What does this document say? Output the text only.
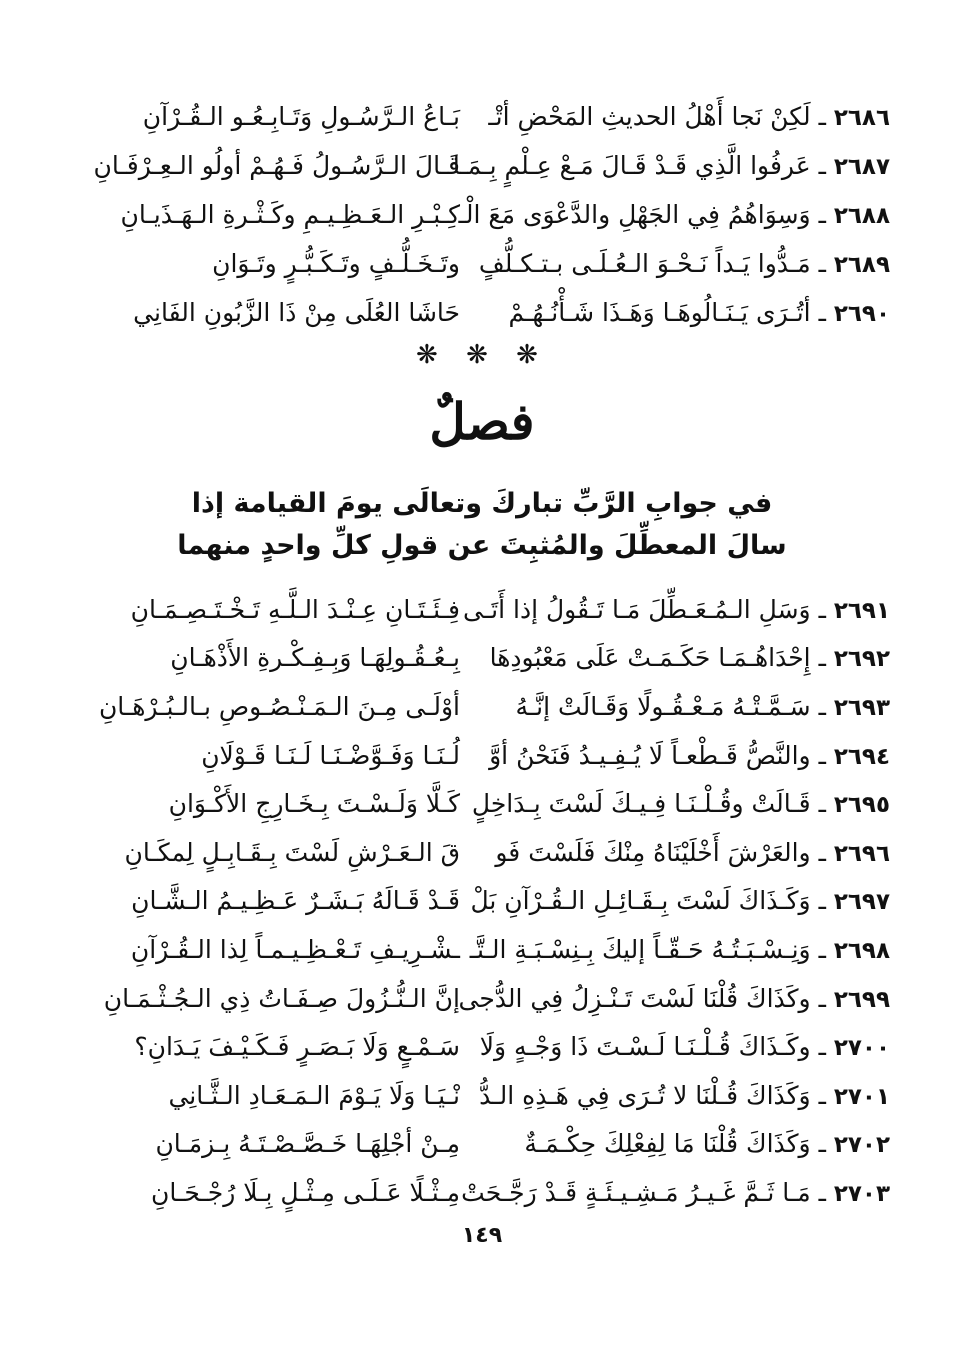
٢٦٨٦ ـ لَكِنْ نَجا أَهْلُ الحديثِ المَحْضِ أتْـ
بَـاعُ الـرَّسُـولِ وَتَـابِـعُـو الـقُـرْآنِ
٢٦٨٧ ـ عَرفُوا الَّذِي قَـدْ قَـالَ مَـعْ عِـلْمٍ بِـمَـا
قَـالَ الـرَّسُـولُ فَـهُـمْ أولُو الـعِـرْفَـانِ
٢٦٨٨ ـ وَسِوَاهُمُ فِي الجَهْلِ والدَّعْوَى مَعَ الْـ
كِـبْـرِ الـعَـظِـيـمِ وكَـثْـرةِ الـهَـذَيـانِ
٢٦٨٩ ـ مَـدُّوا يَـداً نَـحْـوَ الـعُـلَـى بـتـكـلُّفٍ
وتَـخَـلُّـفٍ وتَـكَـبُّـرٍ وتَـوَانِ
٢٦٩٠ ـ أتُـرَى يَـنَـالُوهَـا وَهَـذَا شَـأْنُـهُـمْ
حَاشَا العُلَى مِنْ ذَا الزَّبُونِ الفَانِي
❋ ❋ ❋
فصلٌ
في جوابِ الرَّبِّ تباركَ وتعالَى يومَ القيامة إذا
سالَ المعطِّلَ والمُثبِتَ عن قولِ كلِّ واحدٍ منهما
٢٦٩١ ـ وَسَلِ الـمُـعَـطِّلَ مَـا تَـقُولُ إذا أَتَـى
فِـئَـتَـانِ عِـنْـدَ الـلَّـهِ تَـخْـتَـصِـمَـانِ
٢٦٩٢ ـ إِحْدَاهُـمَـا حَكَـمَـتْ عَلَى مَعْبُودِهَا
بِـعُـقُـولِهَـا وَبِـفِـكْـرةِ الأَذْهَـانِ
٢٦٩٣ ـ سَـمَّـتْـهُ مَـعْـقُـولًا وَقَـالَتْ إنَّـهُ
أوْلَـى مِـنَ الـمَـنْـصُـوصِ بـالـبُـرْهَـانِ
٢٦٩٤ ـ والنَّصُّ قَـطْعـاً لَا يُـفِـيـدُ فَنَحْنُ أوَّ
لُـنَـا وَفَـوَّضْـنَـا لَـنَـا قَـوْلَانِ
٢٦٩٥ ـ قَـالَتْ وقُـلْـنَـا فِـيـكَ لَسْتَ بِـدَاخِلٍ
كَـلَّا وَلَـسْـتَ بِـخَـارِجِ الأَكْـوَانِ
٢٦٩٦ ـ والعَرْشَ أَخْلَيْنَاهُ مِنْكَ فَلَسْتَ فَو
قَ الـعَـرْشِ لَسْتَ بِـقَـابِـلٍ لِمكَـانِ
٢٦٩٧ ـ وَكَـذَاكَ لَسْتَ بِـقَـائِـلِ الـقُـرْآنِ بَلْ
قَـدْ قَـالَهُ بَـشَـرٌ عَـظِـيـمُ الـشَّـانِ
٢٦٩٨ ـ وَنِـسْـبَـتُـهُ حَـقّـاً إليكَ بِـنِسْـبَـةِ الـتَّـ
ـشْـرِيـفِ تَـعْـظِـيـمـاً لِذا الـقُـرْآنِ
٢٦٩٩ ـ وكَذَاكَ قُلْنَا لَسْتَ تَـنْـزِلُ فِي الدُّجى
إنَّ الـنُّـزُولَ صِـفَـاتُ ذِي الـجُـثْـمَـانِ
٢٧٠٠ ـ وكَـذَاكَ قُـلْـنَـا لَـسْـتَ ذَا وَجْـهٍ وَلَا
سَـمْـعٍ وَلَا بَـصَـرٍ فَـكَـيْـفَ يَـدَانِ؟
٢٧٠١ ـ وَكَذَاكَ قُـلْنَا لا تُـرَى فِي هَـذِهِ الـدُّ
نْـيَـا وَلَا يَـوْمَ الـمَـعَـادِ الـثَّـانِي
٢٧٠٢ ـ وَكَذَاكَ قُلْنَا مَا لِفِعْلِكَ حِكْـمَـةٌ
مِـنْ أجْلِهَـا خَـصَّـصْـتَـهُ بِـزمَـانِ
٢٧٠٣ ـ مَـا ثَـمَّ غَـيـرُ مَـشِـيـئَـةٍ قَـدْ رَجَّـحَتْ
مِـثْـلًا عَـلَـى مِـثْـلٍ بِـلَا رُجْـحَـانِ
١٤٩
